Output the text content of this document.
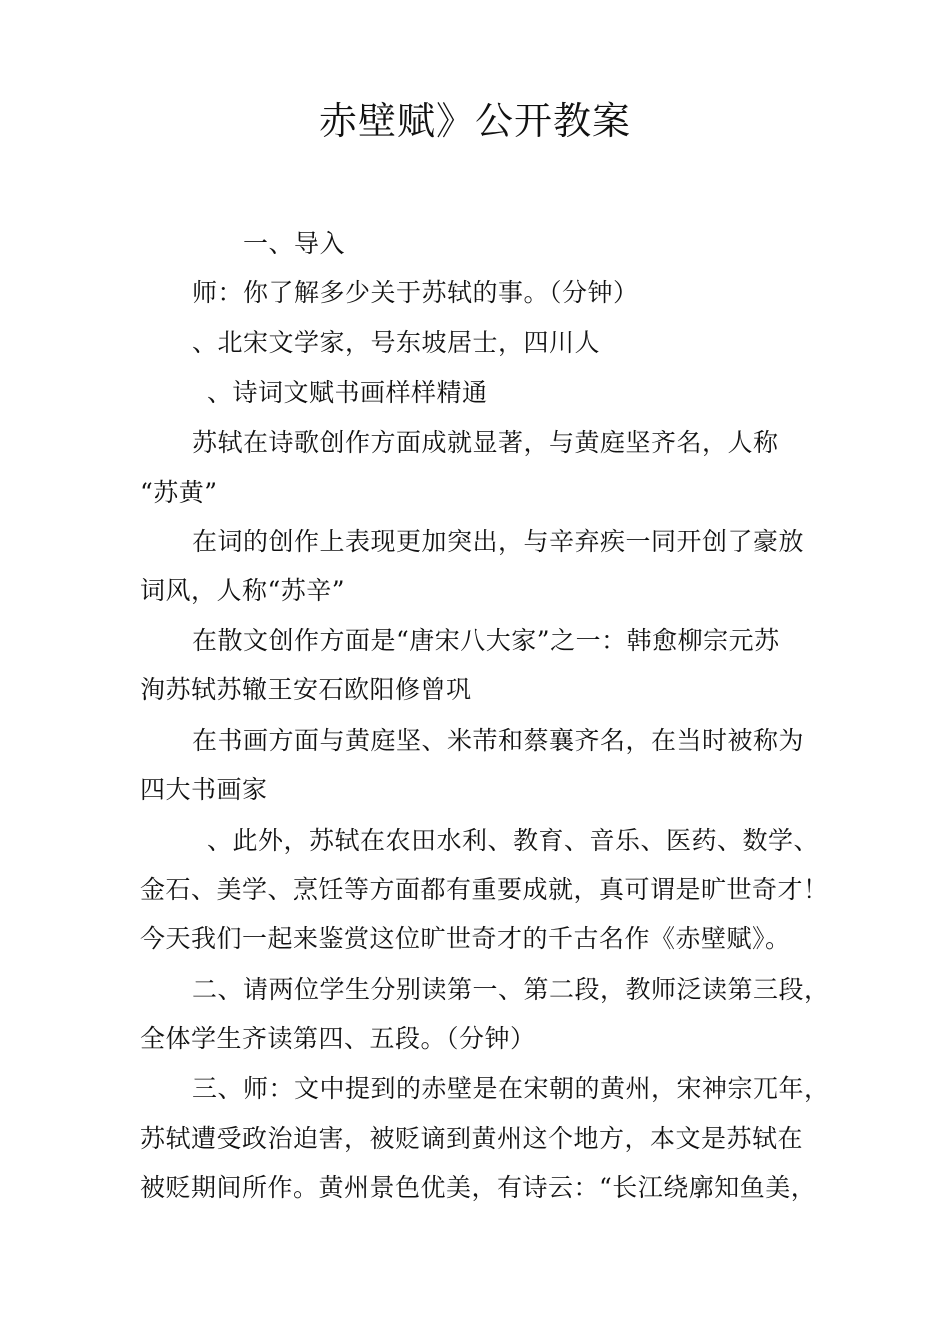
赤壁赋》公开教案

一、导入

师：你了解多少关于苏轼的事。（分钟）

、北宋文学家，号东坡居士，四川人

、诗词文赋书画样样精通

苏轼在诗歌创作方面成就显著，与黄庭坚齐名，人称

“苏黄”

在词的创作上表现更加突出，与辛弃疾一同开创了豪放

词风，人称“苏辛”

在散文创作方面是“唐宋八大家”之一：韩愈柳宗元苏

洵苏轼苏辙王安石欧阳修曾巩

在书画方面与黄庭坚、米芾和蔡襄齐名，在当时被称为

四大书画家

、此外，苏轼在农田水利、教育、音乐、医药、数学、

金石、美学、烹饪等方面都有重要成就，真可谓是旷世奇才！

今天我们一起来鉴赏这位旷世奇才的千古名作《赤壁赋》。

二、请两位学生分别读第一、第二段，教师泛读第三段，

全体学生齐读第四、五段。（分钟）

三、师：文中提到的赤壁是在宋朝的黄州，宋神宗兀年，

苏轼遭受政治迫害，被贬谪到黄州这个地方，本文是苏轼在

被贬期间所作。黄州景色优美，有诗云：“长江绕廓知鱼美，
